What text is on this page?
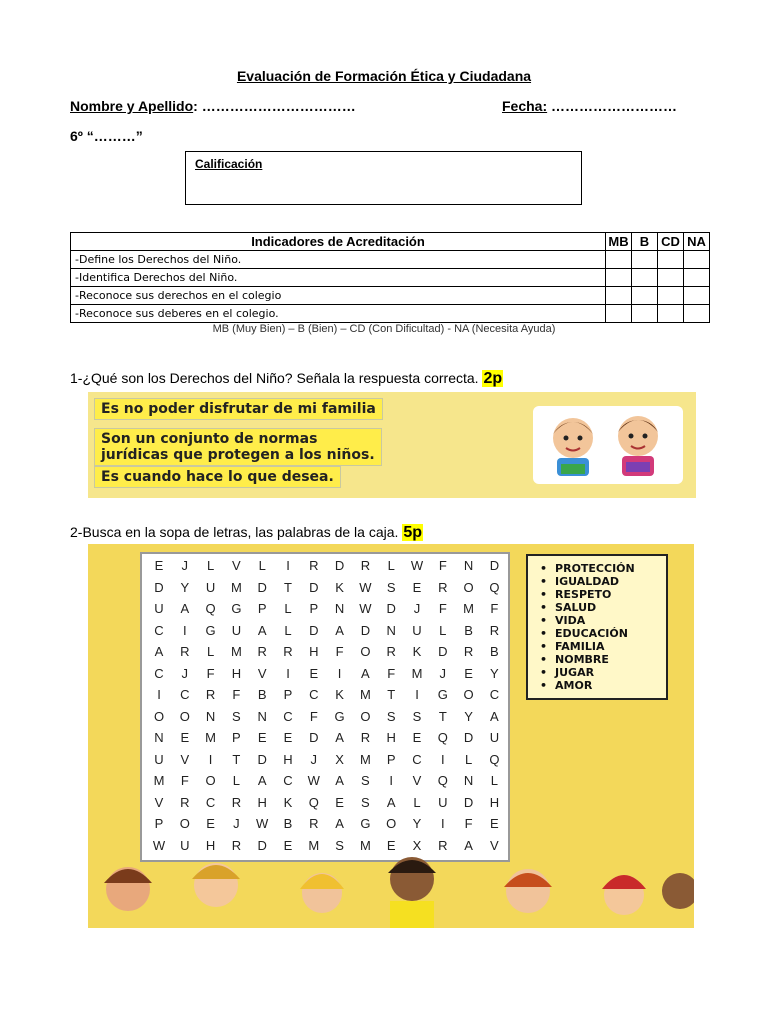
Evaluación de Formación Ética y Ciudadana
Nombre y Apellido: ……………………………	Fecha: ………………………
6º “………”
Calificación
Indicadores de Acreditación	MB	B	CD	NA
-Define los Derechos del Niño.				
-Identifica Derechos del Niño.				
-Reconoce sus derechos en el colegio				
-Reconoce sus deberes en el colegio.				
MB (Muy Bien) – B (Bien) – CD (Con Dificultad) - NA (Necesita Ayuda)
1-¿Qué son los Derechos del Niño? Señala la respuesta correcta. 2p
Es no poder disfrutar de mi familia
Son un conjunto de normas
jurídicas que protegen a los niños.
Es cuando hace lo que desea.
2-Busca en la sopa de letras, las palabras de la caja. 5p
E	J	L	V	L	I	R	D	R	L	W	F	N	D
D	Y	U	M	D	T	D	K	W	S	E	R	O	Q
U	A	Q	G	P	L	P	N	W	D	J	F	M	F
C	I	G	U	A	L	D	A	D	N	U	L	B	R
A	R	L	M	R	R	H	F	O	R	K	D	R	B
C	J	F	H	V	I	E	I	A	F	M	J	E	Y
I	C	R	F	B	P	C	K	M	T	I	G	O	C
O	O	N	S	N	C	F	G	O	S	S	T	Y	A
N	E	M	P	E	E	D	A	R	H	E	Q	D	U
U	V	I	T	D	H	J	X	M	P	C	I	L	Q
M	F	O	L	A	C	W	A	S	I	V	Q	N	L
V	R	C	R	H	K	Q	E	S	A	L	U	D	H
P	O	E	J	W	B	R	A	G	O	Y	I	F	E
W	U	H	R	D	E	M	S	M	E	X	R	A	V
• PROTECCIÓN
• IGUALDAD
• RESPETO
• SALUD
• VIDA
• EDUCACIÓN
• FAMILIA
• NOMBRE
• JUGAR
• AMOR
